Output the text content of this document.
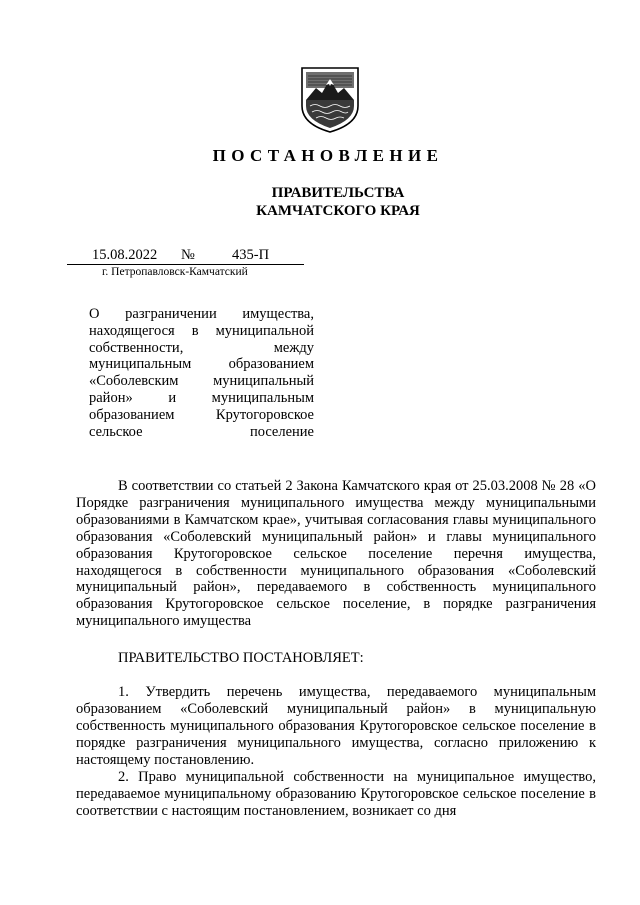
ПОСТАНОВЛЕНИЕ
ПРАВИТЕЛЬСТВА
КАМЧАТСКОГО КРАЯ
15.08.2022 №	435-П
г. Петропавловск-Камчатский
О разграничении имущества, находящегося в муниципальной собственности, между муниципальным образованием «Соболевским муниципальный район» и муниципальным образованием Крутогоровское сельское поселение
В соответствии со статьей 2 Закона Камчатского края от 25.03.2008 № 28 «О Порядке разграничения муниципального имущества между муниципальными образованиями в Камчатском крае», учитывая согласования главы муниципального образования «Соболевский муниципальный район» и главы муниципального образования Крутогоровское сельское поселение перечня имущества, находящегося в собственности муниципального образования «Соболевский муниципальный район», передаваемого в собственность муниципального образования Крутогоровское сельское поселение, в порядке разграничения муниципального имущества
ПРАВИТЕЛЬСТВО ПОСТАНОВЛЯЕТ:
1. Утвердить перечень имущества, передаваемого муниципальным образованием «Соболевский муниципальный район» в муниципальную собственность муниципального образования Крутогоровское сельское поселение в порядке разграничения муниципального имущества, согласно приложению к настоящему постановлению.
2. Право муниципальной собственности на муниципальное имущество, передаваемое муниципальному образованию Крутогоровское сельское поселение в соответствии с настоящим постановлением, возникает со дня
